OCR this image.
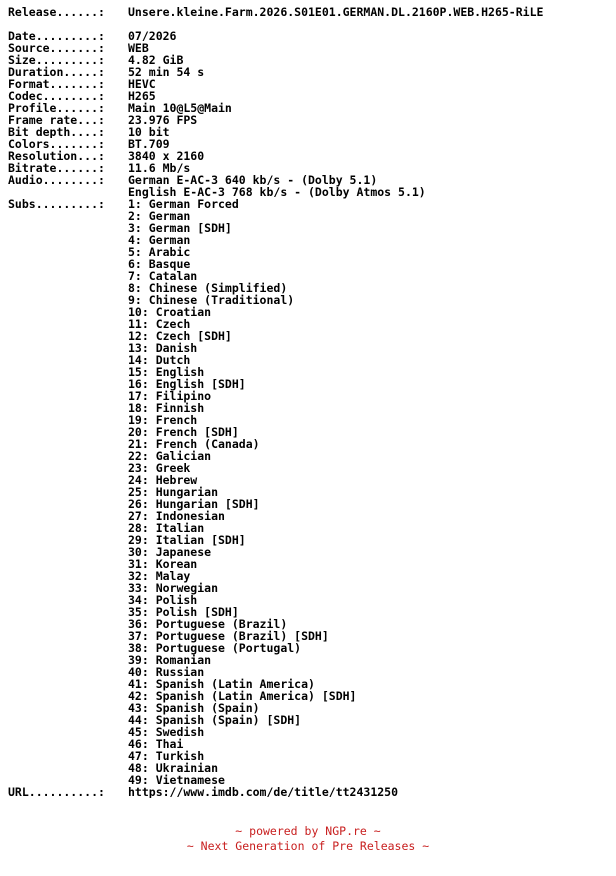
Release......:	Unsere.kleine.Farm.2026.S01E01.GERMAN.DL.2160P.WEB.H265-RiLE
Date.........:	07/2026
Source.......:	WEB
Size.........:	4.82 GiB
Duration.....:	52 min 54 s
Format.......:	HEVC
Codec........:	H265
Profile......:	Main 10@L5@Main
Frame rate...:	23.976 FPS
Bit depth....:	10 bit
Colors.......:	BT.709
Resolution...:	3840 x 2160
Bitrate......:	11.6 Mb/s
Audio........:	German E-AC-3 640 kb/s - (Dolby 5.1)
English E-AC-3 768 kb/s - (Dolby Atmos 5.1)
Subs.........:	1: German Forced
2: German
3: German [SDH]
4: German
5: Arabic
6: Basque
7: Catalan
8: Chinese (Simplified)
9: Chinese (Traditional)
10: Croatian
11: Czech
12: Czech [SDH]
13: Danish
14: Dutch
15: English
16: English [SDH]
17: Filipino
18: Finnish
19: French
20: French [SDH]
21: French (Canada)
22: Galician
23: Greek
24: Hebrew
25: Hungarian
26: Hungarian [SDH]
27: Indonesian
28: Italian
29: Italian [SDH]
30: Japanese
31: Korean
32: Malay
33: Norwegian
34: Polish
35: Polish [SDH]
36: Portuguese (Brazil)
37: Portuguese (Brazil) [SDH]
38: Portuguese (Portugal)
39: Romanian
40: Russian
41: Spanish (Latin America)
42: Spanish (Latin America) [SDH]
43: Spanish (Spain)
44: Spanish (Spain) [SDH]
45: Swedish
46: Thai
47: Turkish
48: Ukrainian
49: Vietnamese
URL..........:	https://www.imdb.com/de/title/tt2431250
~ powered by NGP.re ~
~ Next Generation of Pre Releases ~
